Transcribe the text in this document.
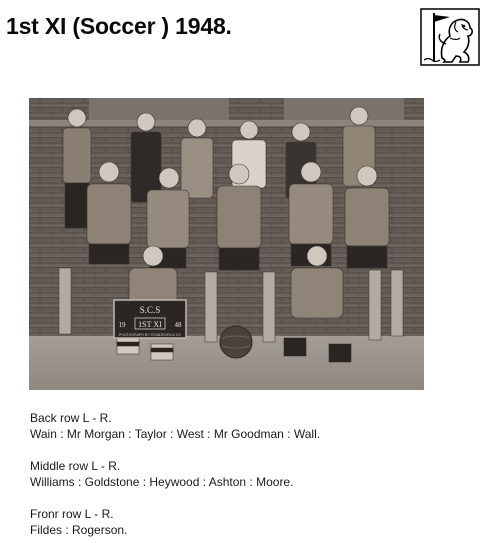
1st XI (Soccer ) 1948.
S.C.S
1ST XI
19	48
PHOTOGRAPH BY STANDEVEN & CO

Back row L - R.

Wain : Mr Morgan : Taylor : West : Mr Goodman : Wall.

Middle row L - R.

Williams : Goldstone : Heywood : Ashton : Moore.

Fronr row L - R.

Fildes : Rogerson.
